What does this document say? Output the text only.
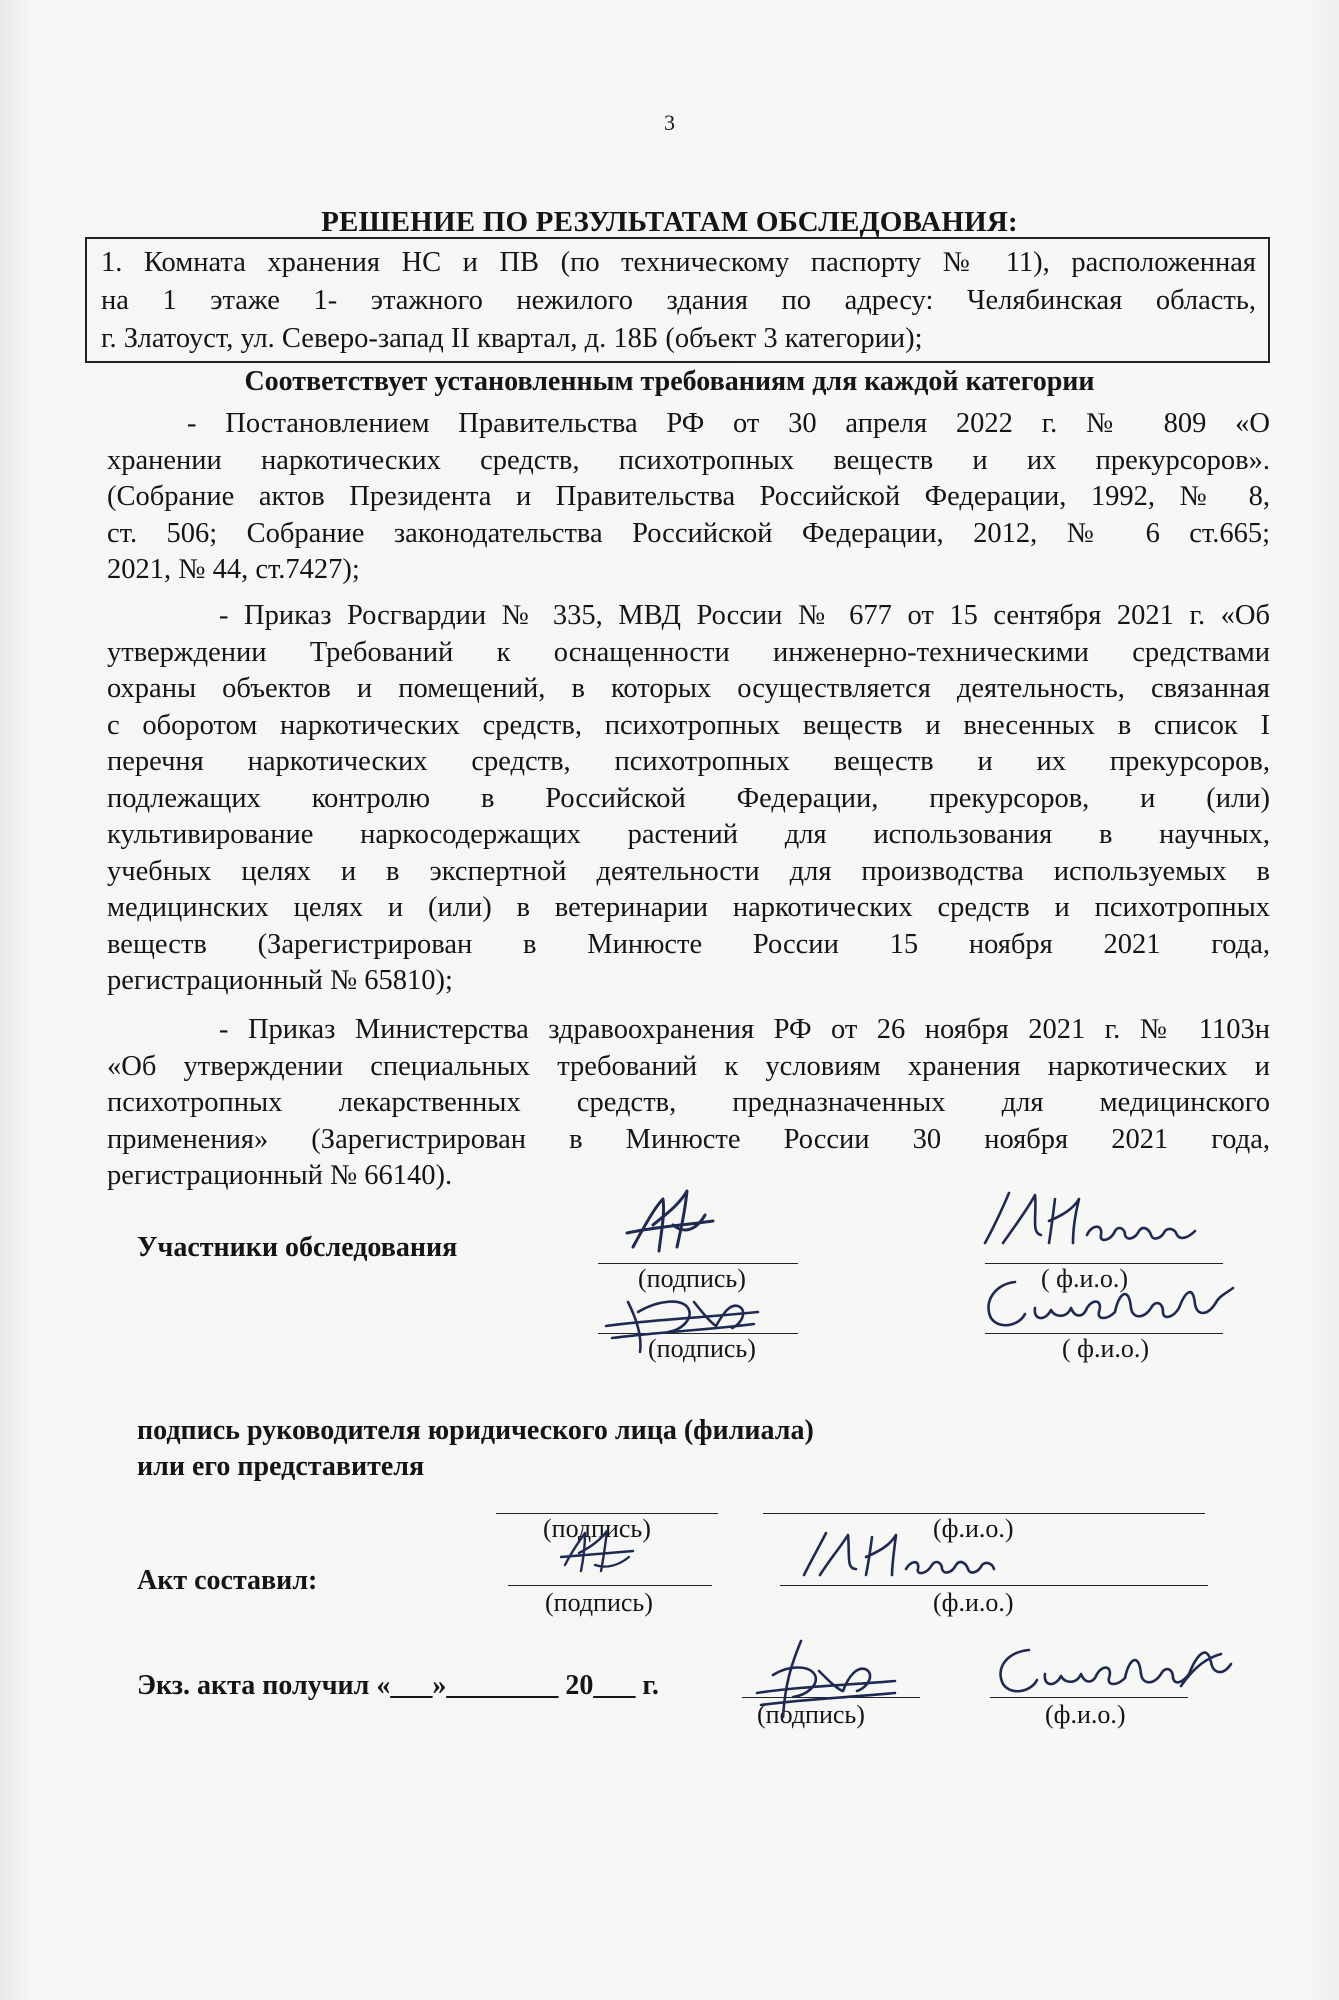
3
РЕШЕНИЕ ПО РЕЗУЛЬТАТАМ ОБСЛЕДОВАНИЯ:
1. Комната хранения НС и ПВ (по техническому паспорту № 11), расположенная
на 1 этаже 1- этажного нежилого здания по адресу: Челябинская область,
г. Златоуст, ул. Северо-запад II квартал, д. 18Б (объект 3 категории);
Соответствует установленным требованиям для каждой категории
- Постановлением Правительства РФ от 30 апреля 2022 г. № 809 «О
хранении наркотических средств, психотропных веществ и их прекурсоров».
(Собрание актов Президента и Правительства Российской Федерации, 1992, № 8,
ст. 506; Собрание законодательства Российской Федерации, 2012, № 6 ст.665;
2021, № 44, ст.7427);
- Приказ Росгвардии № 335, МВД России № 677 от 15 сентября 2021 г. «Об
утверждении Требований к оснащенности инженерно-техническими средствами
охраны объектов и помещений, в которых осуществляется деятельность, связанная
с оборотом наркотических средств, психотропных веществ и внесенных в список I
перечня наркотических средств, психотропных веществ и их прекурсоров,
подлежащих контролю в Российской Федерации, прекурсоров, и (или)
культивирование наркосодержащих растений для использования в научных,
учебных целях и в экспертной деятельности для производства используемых в
медицинских целях и (или) в ветеринарии наркотических средств и психотропных
веществ (Зарегистрирован в Минюсте России 15 ноября 2021 года,
регистрационный № 65810);
- Приказ Министерства здравоохранения РФ от 26 ноября 2021 г. № 1103н
«Об утверждении специальных требований к условиям хранения наркотических и
психотропных лекарственных средств, предназначенных для медицинского
применения» (Зарегистрирован в Минюсте России 30 ноября 2021 года,
регистрационный № 66140).
Участники обследования
(подпись)	( ф.и.о.)
(подпись)	( ф.и.о.)
подпись руководителя юридического лица (филиала)
или его представителя
(подпись)	(ф.и.о.)
Акт составил:
(подпись)	(ф.и.о.)
Экз. акта получил «___»________ 20___ г.
(подпись)	(ф.и.о.)
